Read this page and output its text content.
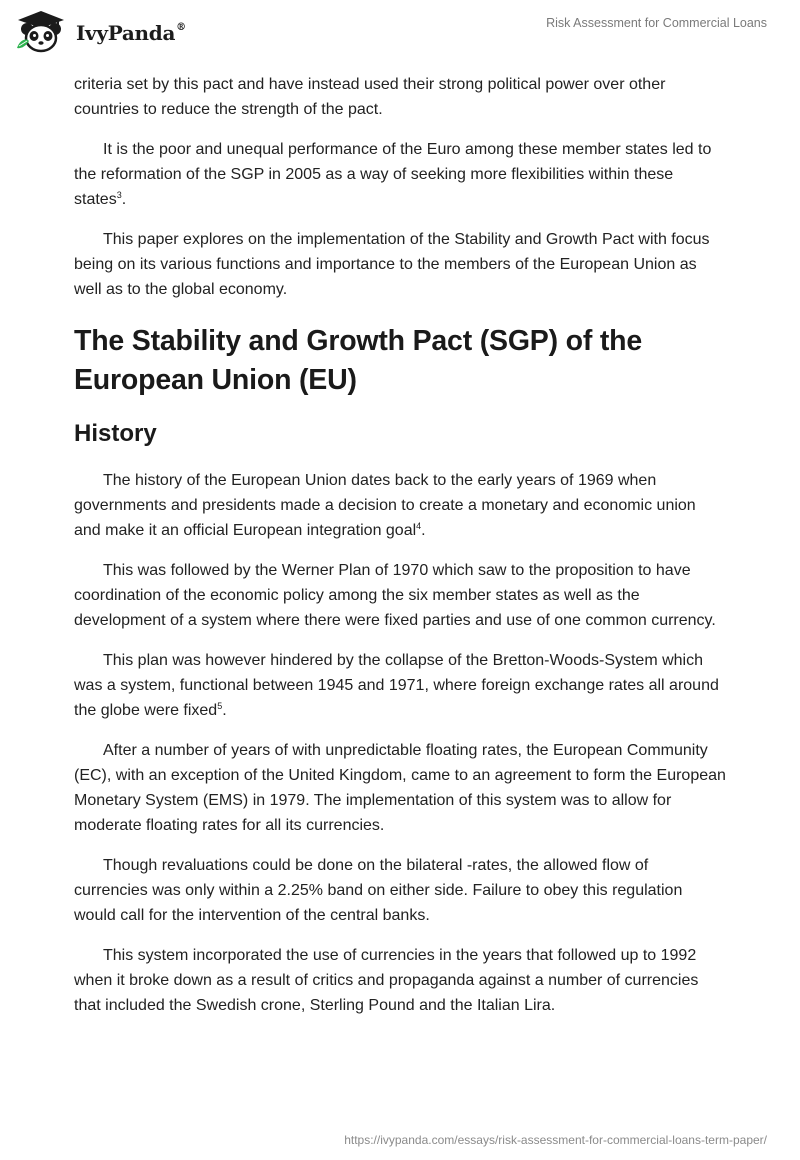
IvyPanda®	Risk Assessment for Commercial Loans

criteria set by this pact and have instead used their strong political power over other countries to reduce the strength of the pact.

It is the poor and unequal performance of the Euro among these member states led to the reformation of the SGP in 2005 as a way of seeking more flexibilities within these states$^3$.

This paper explores on the implementation of the Stability and Growth Pact with focus being on its various functions and importance to the members of the European Union as well as to the global economy.

The Stability and Growth Pact (SGP) of the European Union (EU)
History

The history of the European Union dates back to the early years of 1969 when governments and presidents made a decision to create a monetary and economic union and make it an official European integration goal$^4$.

This was followed by the Werner Plan of 1970 which saw to the proposition to have coordination of the economic policy among the six member states as well as the development of a system where there were fixed parties and use of one common currency.

This plan was however hindered by the collapse of the Bretton-Woods-System which was a system, functional between 1945 and 1971, where foreign exchange rates all around the globe were fixed$^5$.

After a number of years of with unpredictable floating rates, the European Community (EC), with an exception of the United Kingdom, came to an agreement to form the European Monetary System (EMS) in 1979. The implementation of this system was to allow for moderate floating rates for all its currencies.

Though revaluations could be done on the bilateral -rates, the allowed flow of currencies was only within a 2.25% band on either side. Failure to obey this regulation would call for the intervention of the central banks.

This system incorporated the use of currencies in the years that followed up to 1992 when it broke down as a result of critics and propaganda against a number of currencies that included the Swedish crone, Sterling Pound and the Italian Lira.

https://ivypanda.com/essays/risk-assessment-for-commercial-loans-term-paper/
